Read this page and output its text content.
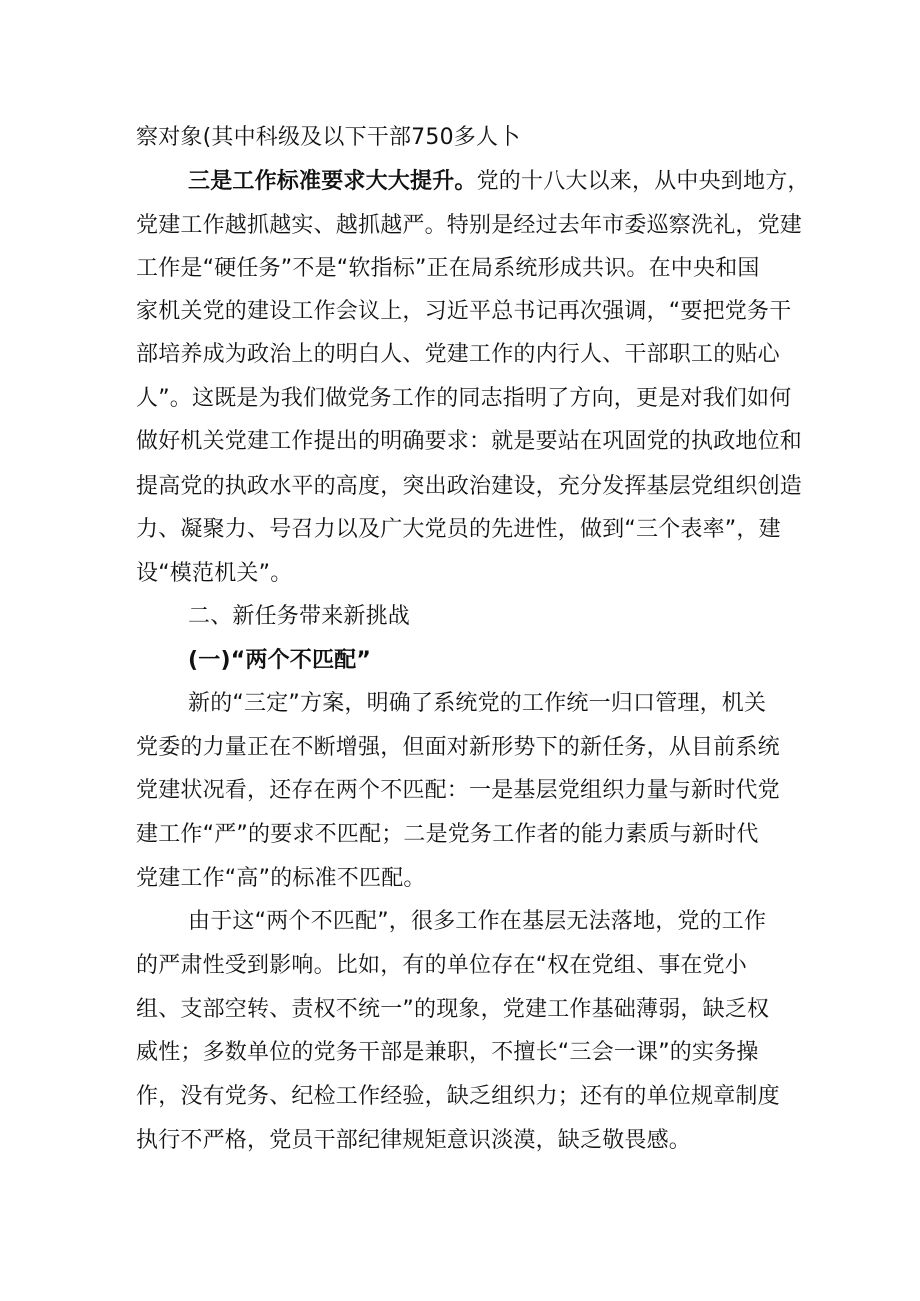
察对象(其中科级及以下干部750多人卜
三是工作标准要求大大提升。党的十八大以来，从中央到地方，
党建工作越抓越实、越抓越严。特别是经过去年市委巡察洗礼，党建
工作是“硬任务”不是“软指标”正在局系统形成共识。在中央和国
家机关党的建设工作会议上，习近平总书记再次强调，“要把党务干
部培养成为政治上的明白人、党建工作的内行人、干部职工的贴心
人”。这既是为我们做党务工作的同志指明了方向，更是对我们如何
做好机关党建工作提出的明确要求：就是要站在巩固党的执政地位和
提高党的执政水平的高度，突出政治建设，充分发挥基层党组织创造
力、凝聚力、号召力以及广大党员的先进性，做到“三个表率”，建
设“模范机关”。
二、新任务带来新挑战
(一)“两个不匹配”
新的“三定”方案，明确了系统党的工作统一归口管理，机关
党委的力量正在不断增强，但面对新形势下的新任务，从目前系统
党建状况看，还存在两个不匹配：一是基层党组织力量与新时代党
建工作“严”的要求不匹配；二是党务工作者的能力素质与新时代
党建工作“高”的标准不匹配。
由于这“两个不匹配”，很多工作在基层无法落地，党的工作
的严肃性受到影响。比如，有的单位存在“权在党组、事在党小
组、支部空转、责权不统一”的现象，党建工作基础薄弱，缺乏权
威性；多数单位的党务干部是兼职，不擅长“三会一课”的实务操
作，没有党务、纪检工作经验，缺乏组织力；还有的单位规章制度
执行不严格，党员干部纪律规矩意识淡漠，缺乏敬畏感。
